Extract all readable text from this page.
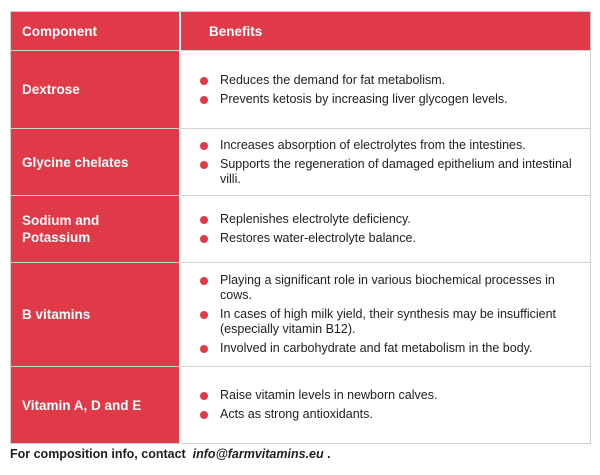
Component	Benefits
Dextrose
Reduces the demand for fat metabolism.
Prevents ketosis by increasing liver glycogen levels.
Glycine chelates
Increases absorption of electrolytes from the intestines.
Supports the regeneration of damaged epithelium and intestinal villi.
Sodium and
Potassium
Replenishes electrolyte deficiency.
Restores water-electrolyte balance.
B vitamins
Playing a significant role in various biochemical processes in cows.
In cases of high milk yield, their synthesis may be insufficient
(especially vitamin B12).
Involved in carbohydrate and fat metabolism in the body.
Vitamin A, D and E
Raise vitamin levels in newborn calves.
Acts as strong antioxidants.
For composition info, contact info@farmvitamins.eu .
